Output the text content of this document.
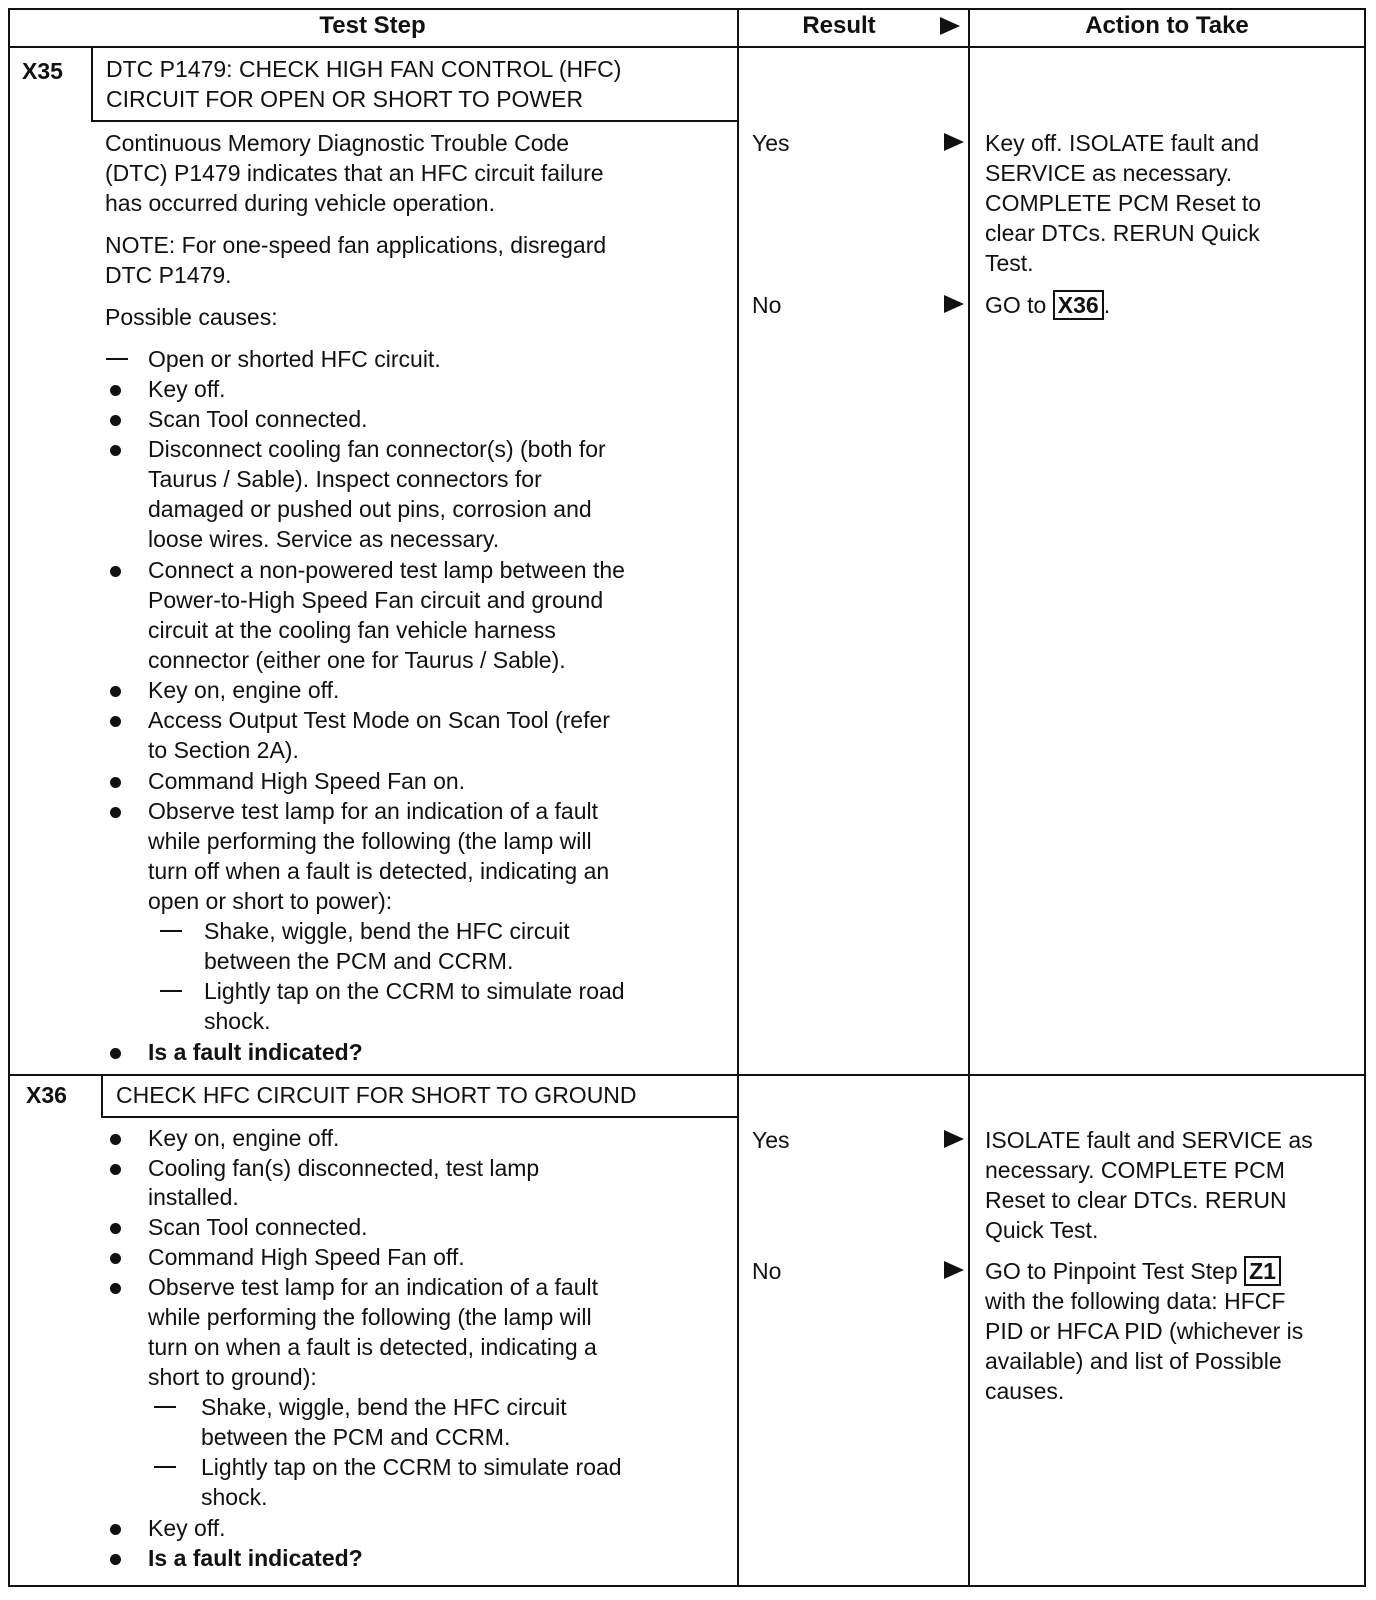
Test Step	Result	Action to Take
X35 DTC P1479: CHECK HIGH FAN CONTROL (HFC)
CIRCUIT FOR OPEN OR SHORT TO POWER
Continuous Memory Diagnostic Trouble Code
(DTC) P1479 indicates that an HFC circuit failure
has occurred during vehicle operation.
NOTE: For one-speed fan applications, disregard
DTC P1479.
Possible causes:
Open or shorted HFC circuit.
Key off.
Scan Tool connected.
Disconnect cooling fan connector(s) (both for
Taurus / Sable). Inspect connectors for
damaged or pushed out pins, corrosion and
loose wires. Service as necessary.
Connect a non-powered test lamp between the
Power-to-High Speed Fan circuit and ground
circuit at the cooling fan vehicle harness
connector (either one for Taurus / Sable).
Key on, engine off.
Access Output Test Mode on Scan Tool (refer
to Section 2A).
Command High Speed Fan on.
Observe test lamp for an indication of a fault
while performing the following (the lamp will
turn off when a fault is detected, indicating an
open or short to power):
Shake, wiggle, bend the HFC circuit
between the PCM and CCRM.
Lightly tap on the CCRM to simulate road
shock.
Is a fault indicated?
Yes	Key off. ISOLATE fault and
SERVICE as necessary.
COMPLETE PCM Reset to
clear DTCs. RERUN Quick
Test.
No	GO to X36 .
X36 CHECK HFC CIRCUIT FOR SHORT TO GROUND
Key on, engine off.
Cooling fan(s) disconnected, test lamp
installed.
Scan Tool connected.
Command High Speed Fan off.
Observe test lamp for an indication of a fault
while performing the following (the lamp will
turn on when a fault is detected, indicating a
short to ground):
Shake, wiggle, bend the HFC circuit
between the PCM and CCRM.
Lightly tap on the CCRM to simulate road
shock.
Key off.
Is a fault indicated?
Yes	ISOLATE fault and SERVICE as
necessary. COMPLETE PCM
Reset to clear DTCs. RERUN
Quick Test.
No	GO to Pinpoint Test Step Z1
with the following data: HFCF
PID or HFCA PID (whichever is
available) and list of Possible
causes.
